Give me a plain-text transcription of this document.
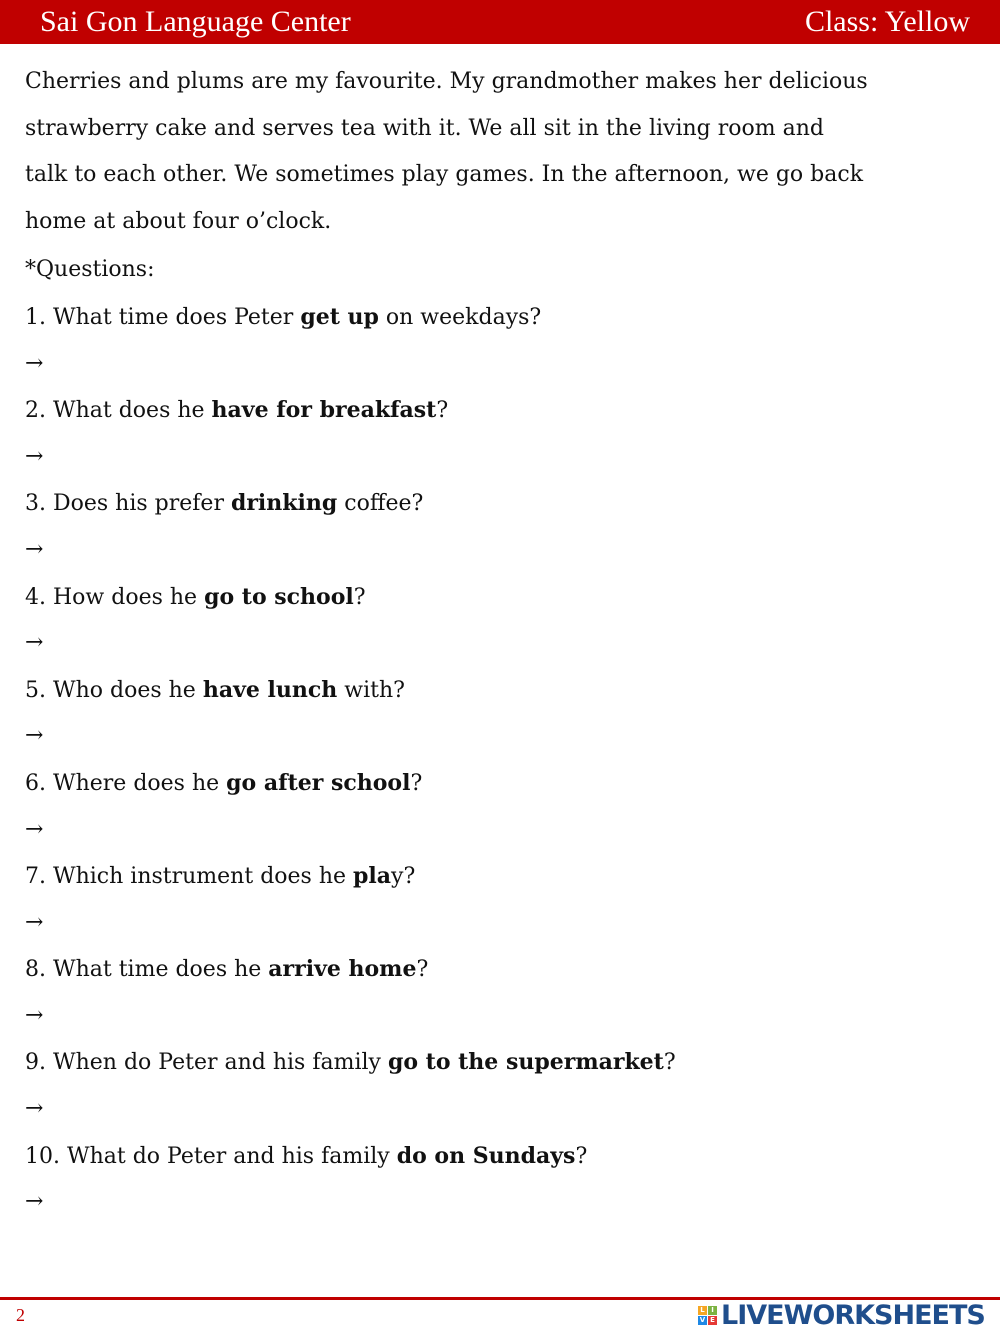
Sai Gon Language Center	Class: Yellow
Cherries and plums are my favourite. My grandmother makes her delicious
strawberry cake and serves tea with it. We all sit in the living room and
talk to each other. We sometimes play games. In the afternoon, we go back
home at about four o’clock.
*Questions:
1. What time does Peter get up on weekdays?
→
2. What does he have for breakfast?
→
3. Does his prefer drinking coffee?
→
4. How does he go to school?
→
5. Who does he have lunch with?
→
6. Where does he go after school?
→
7. Which instrument does he play?
→
8. What time does he arrive home?
→
9. When do Peter and his family go to the supermarket?
→
10. What do Peter and his family do on Sundays?
→
2	L I
V E LIVEWORKSHEETS
